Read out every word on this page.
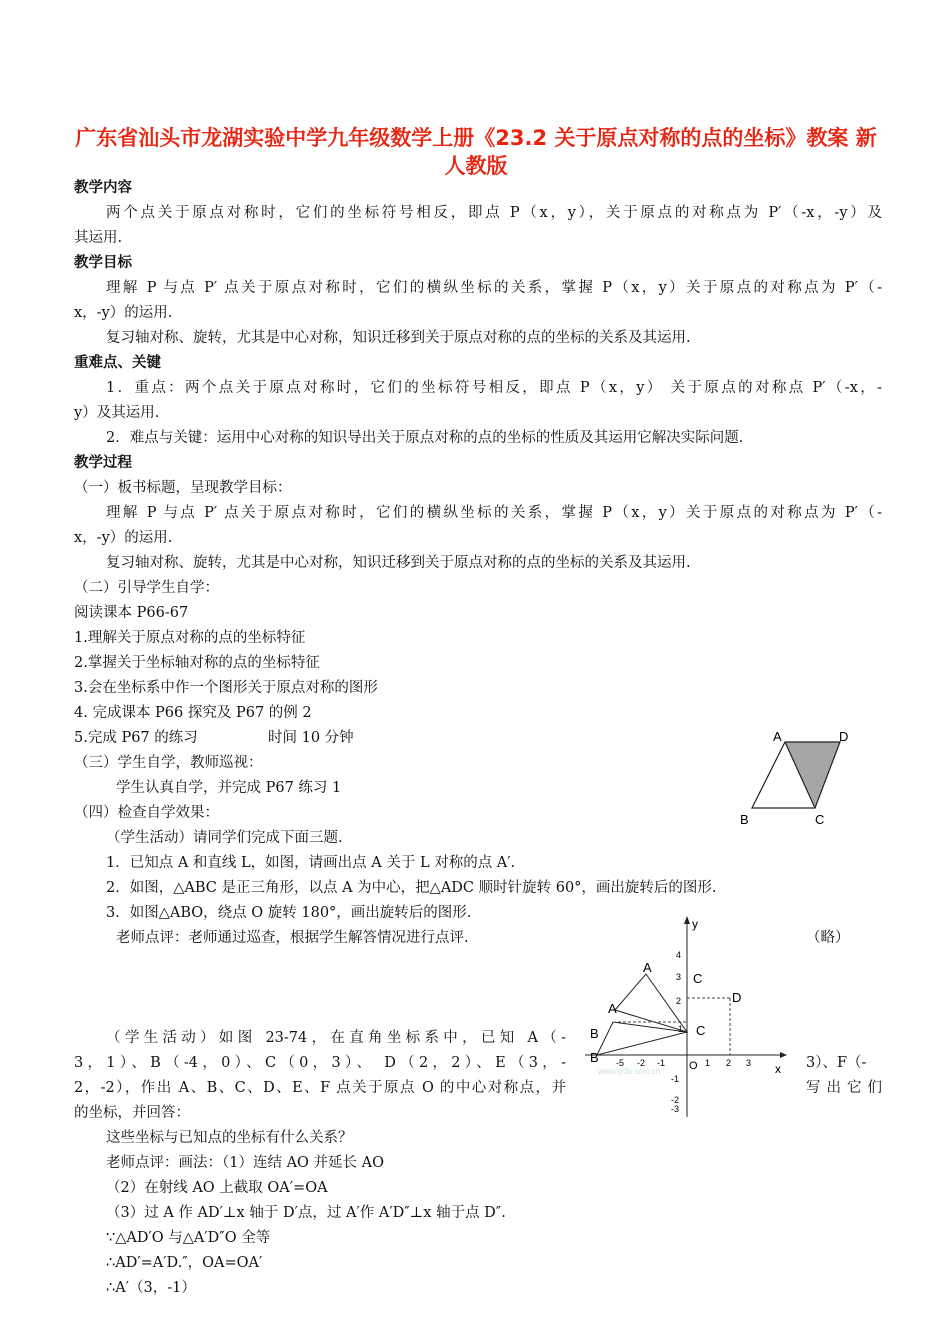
广东省汕头市龙湖实验中学九年级数学上册《23.2 关于原点对称的点的坐标》教案 新人教版
教学内容
两个点关于原点对称时，它们的坐标符号相反，即点 P（x，y），关于原点的对称点为 P′（-x，-y）及
其运用.
教学目标
理解 P 与点 P′ 点关于原点对称时，它们的横纵坐标的关系，掌握 P（x，y）关于原点的对称点为 P′（-
x，-y）的运用.
复习轴对称、旋转，尤其是中心对称，知识迁移到关于原点对称的点的坐标的关系及其运用.
重难点、关键
1．重点：两个点关于原点对称时，它们的坐标符号相反，即点 P（x，y） 关于原点的对称点 P′（-x，-
y）及其运用.
2．难点与关键：运用中心对称的知识导出关于原点对称的点的坐标的性质及其运用它解决实际问题.
教学过程
（一）板书标题，呈现教学目标：
理解 P 与点 P′ 点关于原点对称时，它们的横纵坐标的关系，掌握 P（x，y）关于原点的对称点为 P′（-
x，-y）的运用.
复习轴对称、旋转，尤其是中心对称，知识迁移到关于原点对称的点的坐标的关系及其运用.
（二）引导学生自学：
阅读课本 P66-67
1.理解关于原点对称的点的坐标特征
2.掌握关于坐标轴对称的点的坐标特征
3.会在坐标系中作一个图形关于原点对称的图形
4. 完成课本 P66 探究及 P67 的例 2
5.完成 P67 的练习	时间 10 分钟
（三）学生自学，教师巡视：
学生认真自学，并完成 P67 练习 1
（四）检查自学效果：
（学生活动）请同学们完成下面三题.
1．已知点 A 和直线 L，如图，请画出点 A 关于 L 对称的点 A′.
2．如图，△ABC 是正三角形，以点 A 为中心，把△ADC 顺时针旋转 60°，画出旋转后的图形.
3．如图△ABO，绕点 O 旋转 180°，画出旋转后的图形.
老师点评：老师通过巡查，根据学生解答情况进行点评.	（略）
（学生活动）如图 23-74，在直角坐标系中，已知 A（-
3，1）、B（-4，0）、C（0，3）、 D（2，2）、E（3，-	3）、F（-
2，-2），作出 A、B、C、D、E、F 点关于原点 O 的中心对称点，并	写出它们
的坐标，并回答：
这些坐标与已知点的坐标有什么关系？
老师点评：画法：（1）连结 AO 并延长 AO
（2）在射线 AO 上截取 OA′=OA
（3）过 A 作 AD′⊥x 轴于 D′点，过 A′作 A′D″⊥x 轴于点 D″.
∵△AD′O 与△A′D″O 全等
∴AD′=A′D.″，OA=OA′
∴A′（3，-1）
A	D
B	C
www.cr3x.com.cn	x
y
O
-5 -2 -1	1 2 3
4
3
2
1
-1
-2
-3
A
A
B
B
C
C
D
